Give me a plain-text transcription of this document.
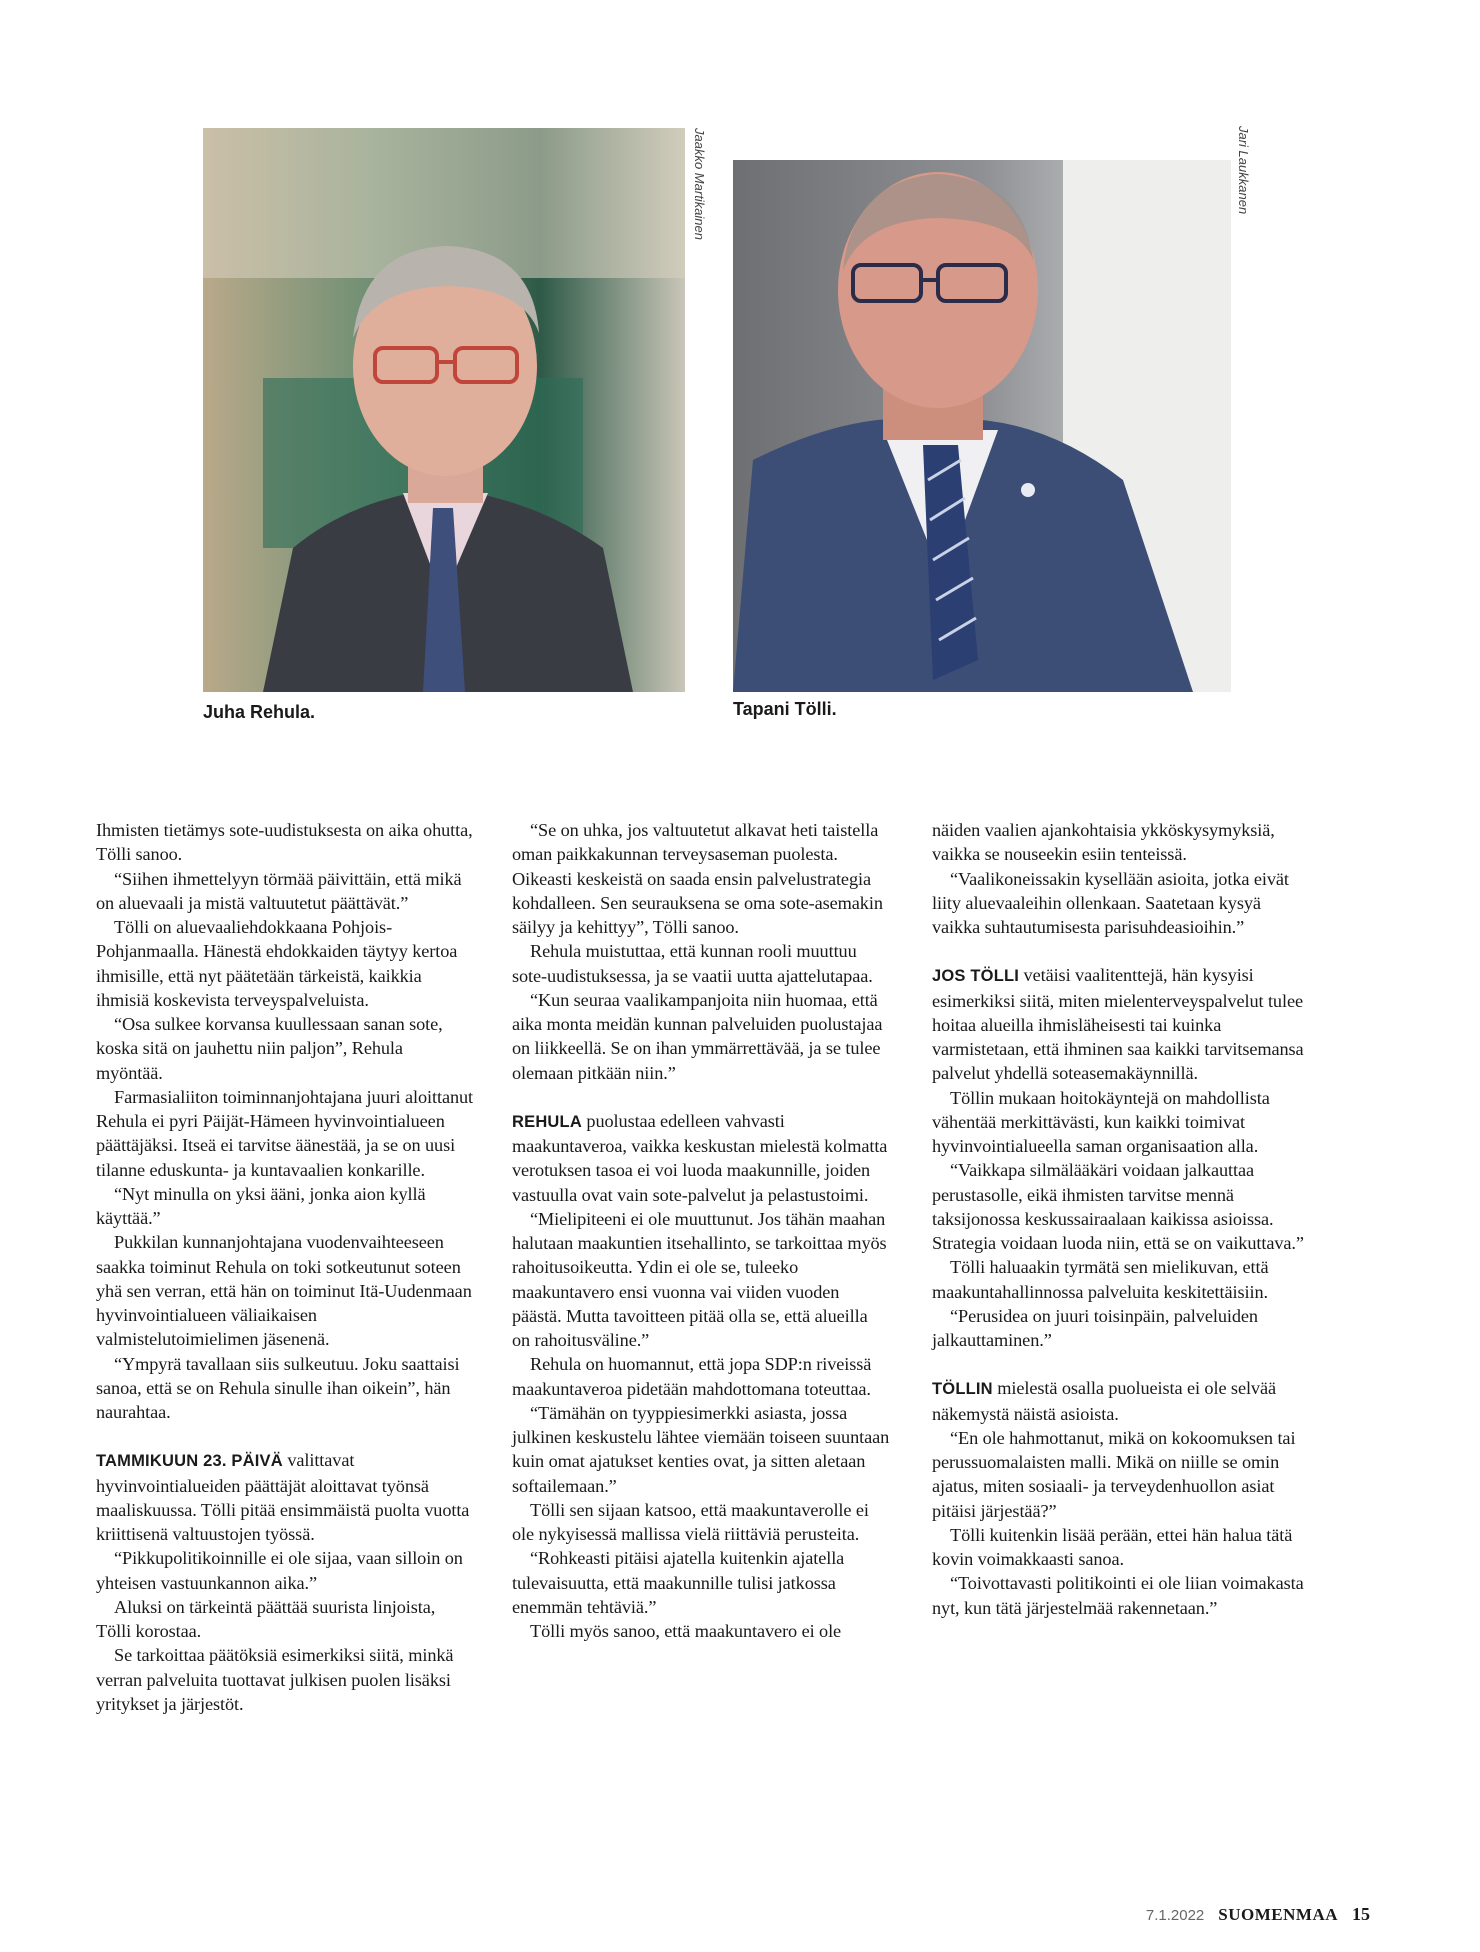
Jaakko Martikainen	Jari Laukkanen
Juha Rehula.	Tapani Tölli.

Ihmisten tietämys sote-uudistuksesta on aika ohutta, Tölli sanoo.

“Siihen ihmettelyyn törmää päivittäin, että mikä on aluevaali ja mistä valtuutetut päättävät.”

Tölli on aluevaaliehdokkaana Pohjois-Pohjanmaalla. Hänestä ehdokkaiden täytyy kertoa ihmisille, että nyt päätetään tärkeistä, kaikkia ihmisiä koskevista terveyspalveluista.

“Osa sulkee korvansa kuullessaan sanan sote, koska sitä on jauhettu niin paljon”, Rehula myöntää.

Farmasialiiton toiminnanjohtajana juuri aloittanut Rehula ei pyri Päijät-Hämeen hyvinvointialueen päättäjäksi. Itseä ei tarvitse äänestää, ja se on uusi tilanne eduskunta- ja kuntavaalien konkarille.

“Nyt minulla on yksi ääni, jonka aion kyllä käyttää.”

Pukkilan kunnanjohtajana vuodenvaihteeseen saakka toiminut Rehula on toki sotkeutunut soteen yhä sen verran, että hän on toiminut Itä-Uudenmaan hyvinvointialueen väliaikaisen valmistelutoimielimen jäsenenä.

“Ympyrä tavallaan siis sulkeutuu. Joku saattaisi sanoa, että se on Rehula sinulle ihan oikein”, hän naurahtaa.

TAMMIKUUN 23. PÄIVÄ valittavat hyvinvointialueiden päättäjät aloittavat työnsä maaliskuussa. Tölli pitää ensimmäistä puolta vuotta kriittisenä valtuustojen työssä.

“Pikkupolitikoinnille ei ole sijaa, vaan silloin on yhteisen vastuunkannon aika.”

Aluksi on tärkeintä päättää suurista linjoista, Tölli korostaa.

Se tarkoittaa päätöksiä esimerkiksi siitä, minkä verran palveluita tuottavat julkisen puolen lisäksi yritykset ja järjestöt.

“Se on uhka, jos valtuutetut alkavat heti taistella oman paikkakunnan terveysaseman puolesta. Oikeasti keskeistä on saada ensin palvelustrategia kohdalleen. Sen seurauksena se oma sote-asemakin säilyy ja kehittyy”, Tölli sanoo.

Rehula muistuttaa, että kunnan rooli muuttuu sote-uudistuksessa, ja se vaatii uutta ajattelutapaa.

“Kun seuraa vaalikampanjoita niin huomaa, että aika monta meidän kunnan palveluiden puolustajaa on liikkeellä. Se on ihan ymmärrettävää, ja se tulee olemaan pitkään niin.”

REHULA puolustaa edelleen vahvasti maakuntaveroa, vaikka keskustan mielestä kolmatta verotuksen tasoa ei voi luoda maakunnille, joiden vastuulla ovat vain sote-palvelut ja pelastustoimi.

“Mielipiteeni ei ole muuttunut. Jos tähän maahan halutaan maakuntien itsehallinto, se tarkoittaa myös rahoitusoikeutta. Ydin ei ole se, tuleeko maakuntavero ensi vuonna vai viiden vuoden päästä. Mutta tavoitteen pitää olla se, että alueilla on rahoitusväline.”

Rehula on huomannut, että jopa SDP:n riveissä maakuntaveroa pidetään mahdottomana toteuttaa.

“Tämähän on tyyppiesimerkki asiasta, jossa julkinen keskustelu lähtee viemään toiseen suuntaan kuin omat ajatukset kenties ovat, ja sitten aletaan softailemaan.”

Tölli sen sijaan katsoo, että maakuntaverolle ei ole nykyisessä mallissa vielä riittäviä perusteita.

“Rohkeasti pitäisi ajatella kuitenkin ajatella tulevaisuutta, että maakunnille tulisi jatkossa enemmän tehtäviä.”

Tölli myös sanoo, että maakuntavero ei ole

näiden vaalien ajankohtaisia ykköskysymyksiä, vaikka se nouseekin esiin tenteissä.

“Vaalikoneissakin kysellään asioita, jotka eivät liity aluevaaleihin ollenkaan. Saatetaan kysyä vaikka suhtautumisesta parisuhdeasioihin.”

JOS TÖLLI vetäisi vaalitenttejä, hän kysyisi esimerkiksi siitä, miten mielenterveyspalvelut tulee hoitaa alueilla ihmisläheisesti tai kuinka varmistetaan, että ihminen saa kaikki tarvitsemansa palvelut yhdellä soteasemakäynnillä.

Töllin mukaan hoitokäyntejä on mahdollista vähentää merkittävästi, kun kaikki toimivat hyvinvointialueella saman organisaation alla.

“Vaikkapa silmälääkäri voidaan jalkauttaa perustasolle, eikä ihmisten tarvitse mennä taksijonossa keskussairaalaan kaikissa asioissa. Strategia voidaan luoda niin, että se on vaikuttava.”

Tölli haluaakin tyrmätä sen mielikuvan, että maakuntahallinnossa palveluita keskitettäisiin.

“Perusidea on juuri toisinpäin, palveluiden jalkauttaminen.”

TÖLLIN mielestä osalla puolueista ei ole selvää näkemystä näistä asioista.

“En ole hahmottanut, mikä on kokoomuksen tai perussuomalaisten malli. Mikä on niille se omin ajatus, miten sosiaali- ja terveydenhuollon asiat pitäisi järjestää?”

Tölli kuitenkin lisää perään, ettei hän halua tätä kovin voimakkaasti sanoa.

“Toivottavasti politikointi ei ole liian voimakasta nyt, kun tätä järjestelmää rakennetaan.”

7.1.2022 SUOMENMAA 15
